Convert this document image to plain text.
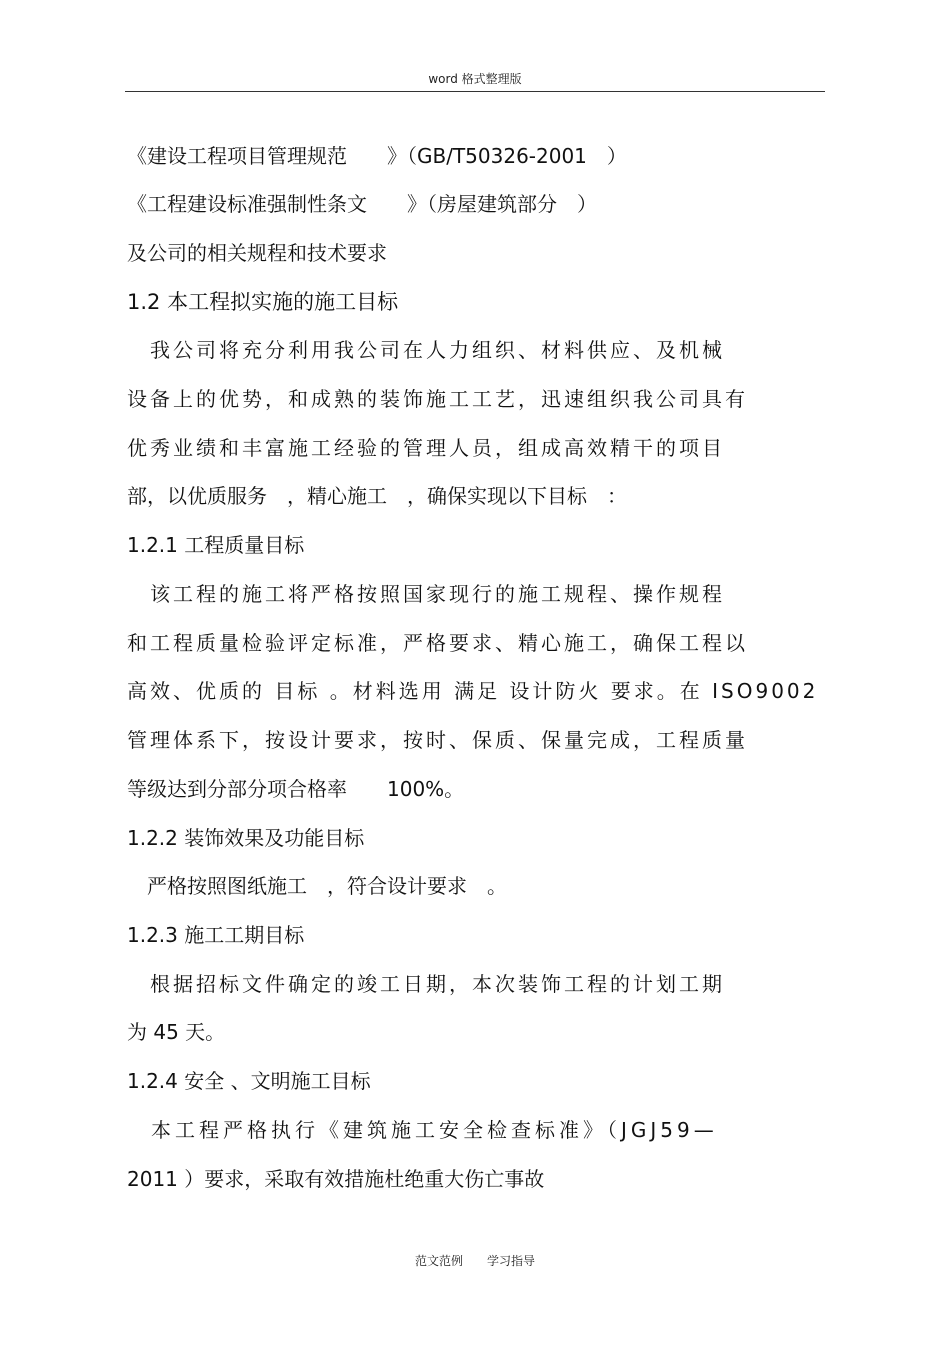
word 格式整理版
《建设工程项目管理规范　　》（GB/T50326-2001　）
《工程建设标准强制性条文　　》（房屋建筑部分　）
及公司的相关规程和技术要求
1.2 本工程拟实施的施工目标
　我公司将充分利用我公司在人力组织、材料供应、及机械
设备上的优势，和成熟的装饰施工工艺，迅速组织我公司具有
优秀业绩和丰富施工经验的管理人员，组成高效精干的项目
部，以优质服务　，精心施工　，确保实现以下目标　：
1.2.1 工程质量目标
　该工程的施工将严格按照国家现行的施工规程、操作规程
和工程质量检验评定标准，严格要求、精心施工，确保工程以
高效、优质的 目标 。材料选用 满足 设计防火 要求。在 ISO9002
管理体系下，按设计要求，按时、保质、保量完成，工程质量
等级达到分部分项合格率　　100%。
1.2.2 装饰效果及功能目标
　严格按照图纸施工　，符合设计要求　。
1.2.3 施工工期目标
　根据招标文件确定的竣工日期，本次装饰工程的计划工期
为 45 天。
1.2.4 安全 、文明施工目标
　本工程严格执行《建筑施工安全检查标准》（JGJ59—
2011 ）要求，采取有效措施杜绝重大伤亡事故
范文范例　　学习指导
